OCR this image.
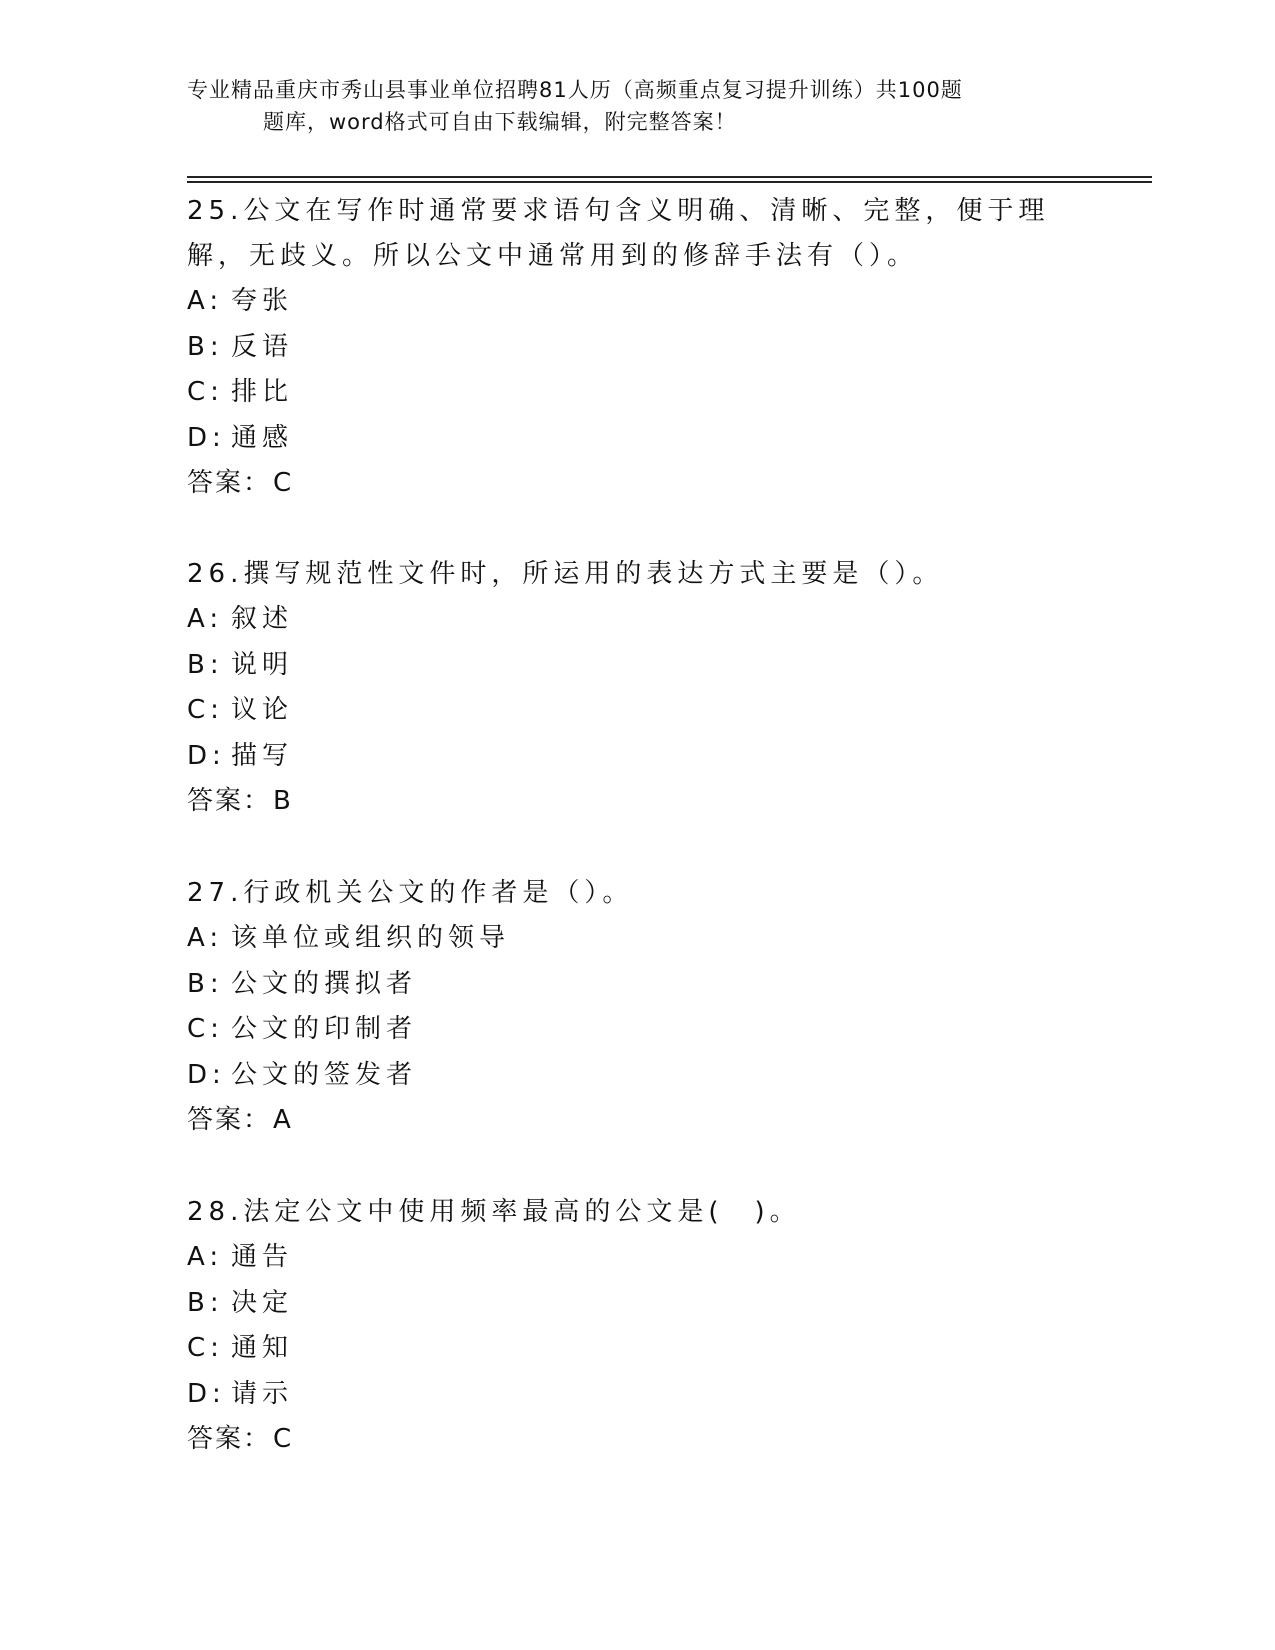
专业精品重庆市秀山县事业单位招聘81人历（高频重点复习提升训练）共100题
题库，word格式可自由下载编辑，附完整答案！

25.公文在写作时通常要求语句含义明确、清晰、完整，便于理解，无歧义。所以公文中通常用到的修辞手法有（）。

A: 夸张
B: 反语
C: 排比
D: 通感
答案：C

26.撰写规范性文件时，所运用的表达方式主要是（）。

A: 叙述
B: 说明
C: 议论
D: 描写
答案：B

27.行政机关公文的作者是（）。

A: 该单位或组织的领导
B: 公文的撰拟者
C: 公文的印制者
D: 公文的签发者
答案：A

28.法定公文中使用频率最高的公文是(　)。

A: 通告
B: 决定
C: 通知
D: 请示
答案：C
